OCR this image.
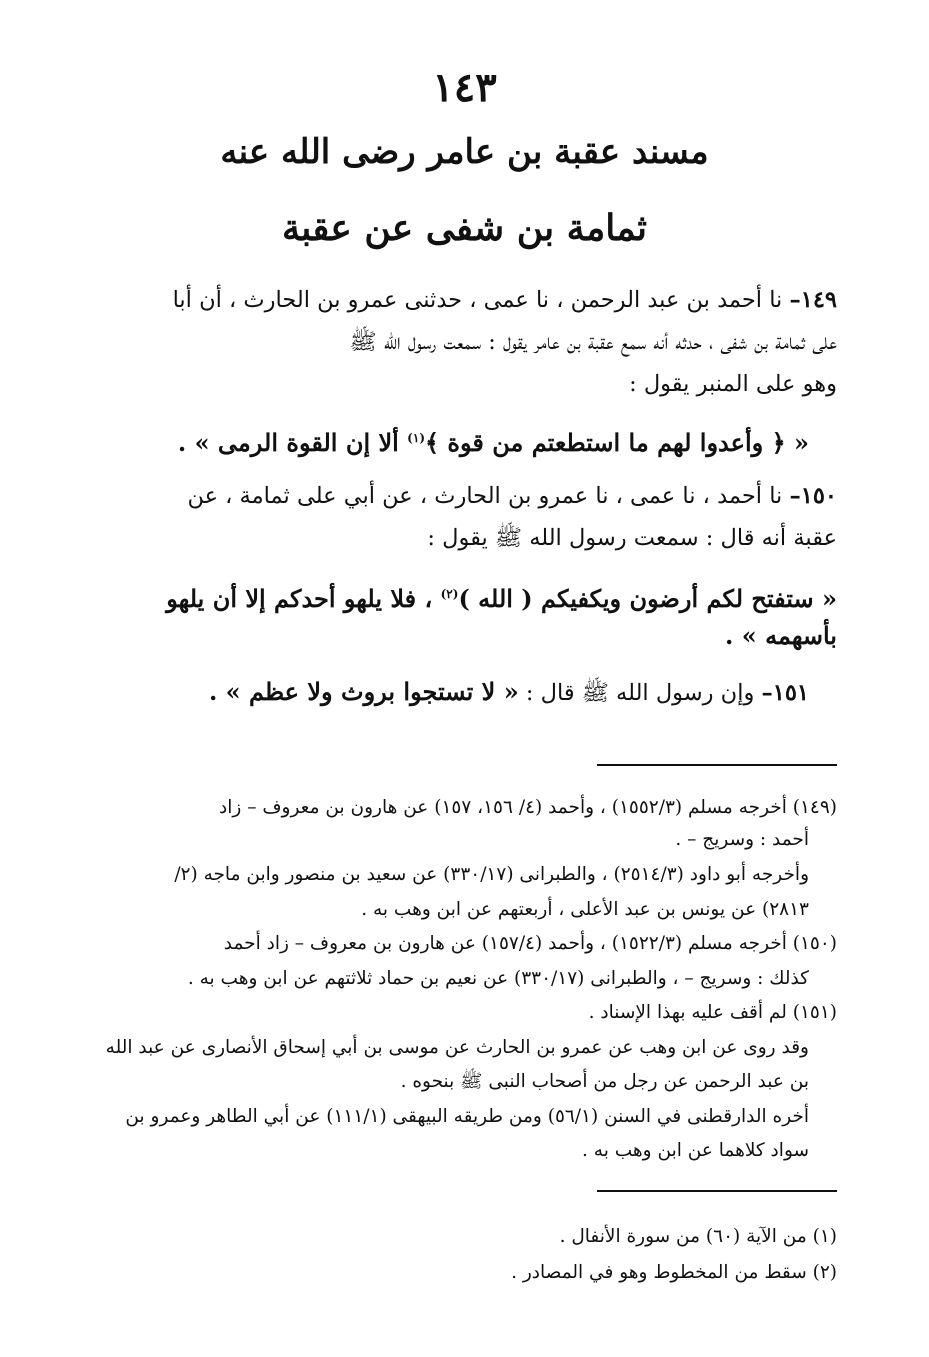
١٤٣
مسند عقبة بن عامر رضى الله عنه
ثمامة بن شفى عن عقبة
١٤٩– نا أحمد بن عبد الرحمن ، نا عمى ، حدثنى عمرو بن الحارث ، أن أبا
على ثمامة بن شفى ، حدثه أنه سمع عقبة بن عامر يقول : سمعت رسول الله ﷺ
وهو على المنبر يقول :
« ﴿ وأعدوا لهم ما استطعتم من قوة ﴾$^{(١)}$ ألا إن القوة الرمى » .
١٥٠– نا أحمد ، نا عمى ، نا عمرو بن الحارث ، عن أبي على ثمامة ، عن
عقبة أنه قال : سمعت رسول الله ﷺ يقول :
« ستفتح لكم أرضون ويكفيكم ( الله )$^{(٢)}$ ، فلا يلهو أحدكم إلا أن يلهو
بأسهمه » .
١٥١– وإن رسول الله ﷺ قال : « لا تستجوا بروث ولا عظم » .
(١٤٩) أخرجه مسلم (١٥٥٢/٣) ، وأحمد (٤/ ١٥٦، ١٥٧) عن هارون بن معروف – زاد
أحمد : وسريج – .
وأخرجه أبو داود (٢٥١٤/٣) ، والطبرانى (٣٣٠/١٧) عن سعيد بن منصور وابن ماجه (٢/
٢٨١٣) عن يونس بن عبد الأعلى ، أربعتهم عن ابن وهب به .
(١٥٠) أخرجه مسلم (١٥٢٢/٣) ، وأحمد (١٥٧/٤) عن هارون بن معروف – زاد أحمد
كذلك : وسريج – ، والطبرانى (٣٣٠/١٧) عن نعيم بن حماد ثلاثتهم عن ابن وهب به .
(١٥١) لم أقف عليه بهذا الإسناد .
وقد روى عن ابن وهب عن عمرو بن الحارث عن موسى بن أبي إسحاق الأنصارى عن عبد الله
بن عبد الرحمن عن رجل من أصحاب النبى ﷺ بنحوه .
أخره الدارقطنى في السنن (٥٦/١) ومن طريقه البيهقى (١١١/١) عن أبي الطاهر وعمرو بن
سواد كلاهما عن ابن وهب به .
(١) من الآية (٦٠) من سورة الأنفال .
(٢) سقط من المخطوط وهو في المصادر .
